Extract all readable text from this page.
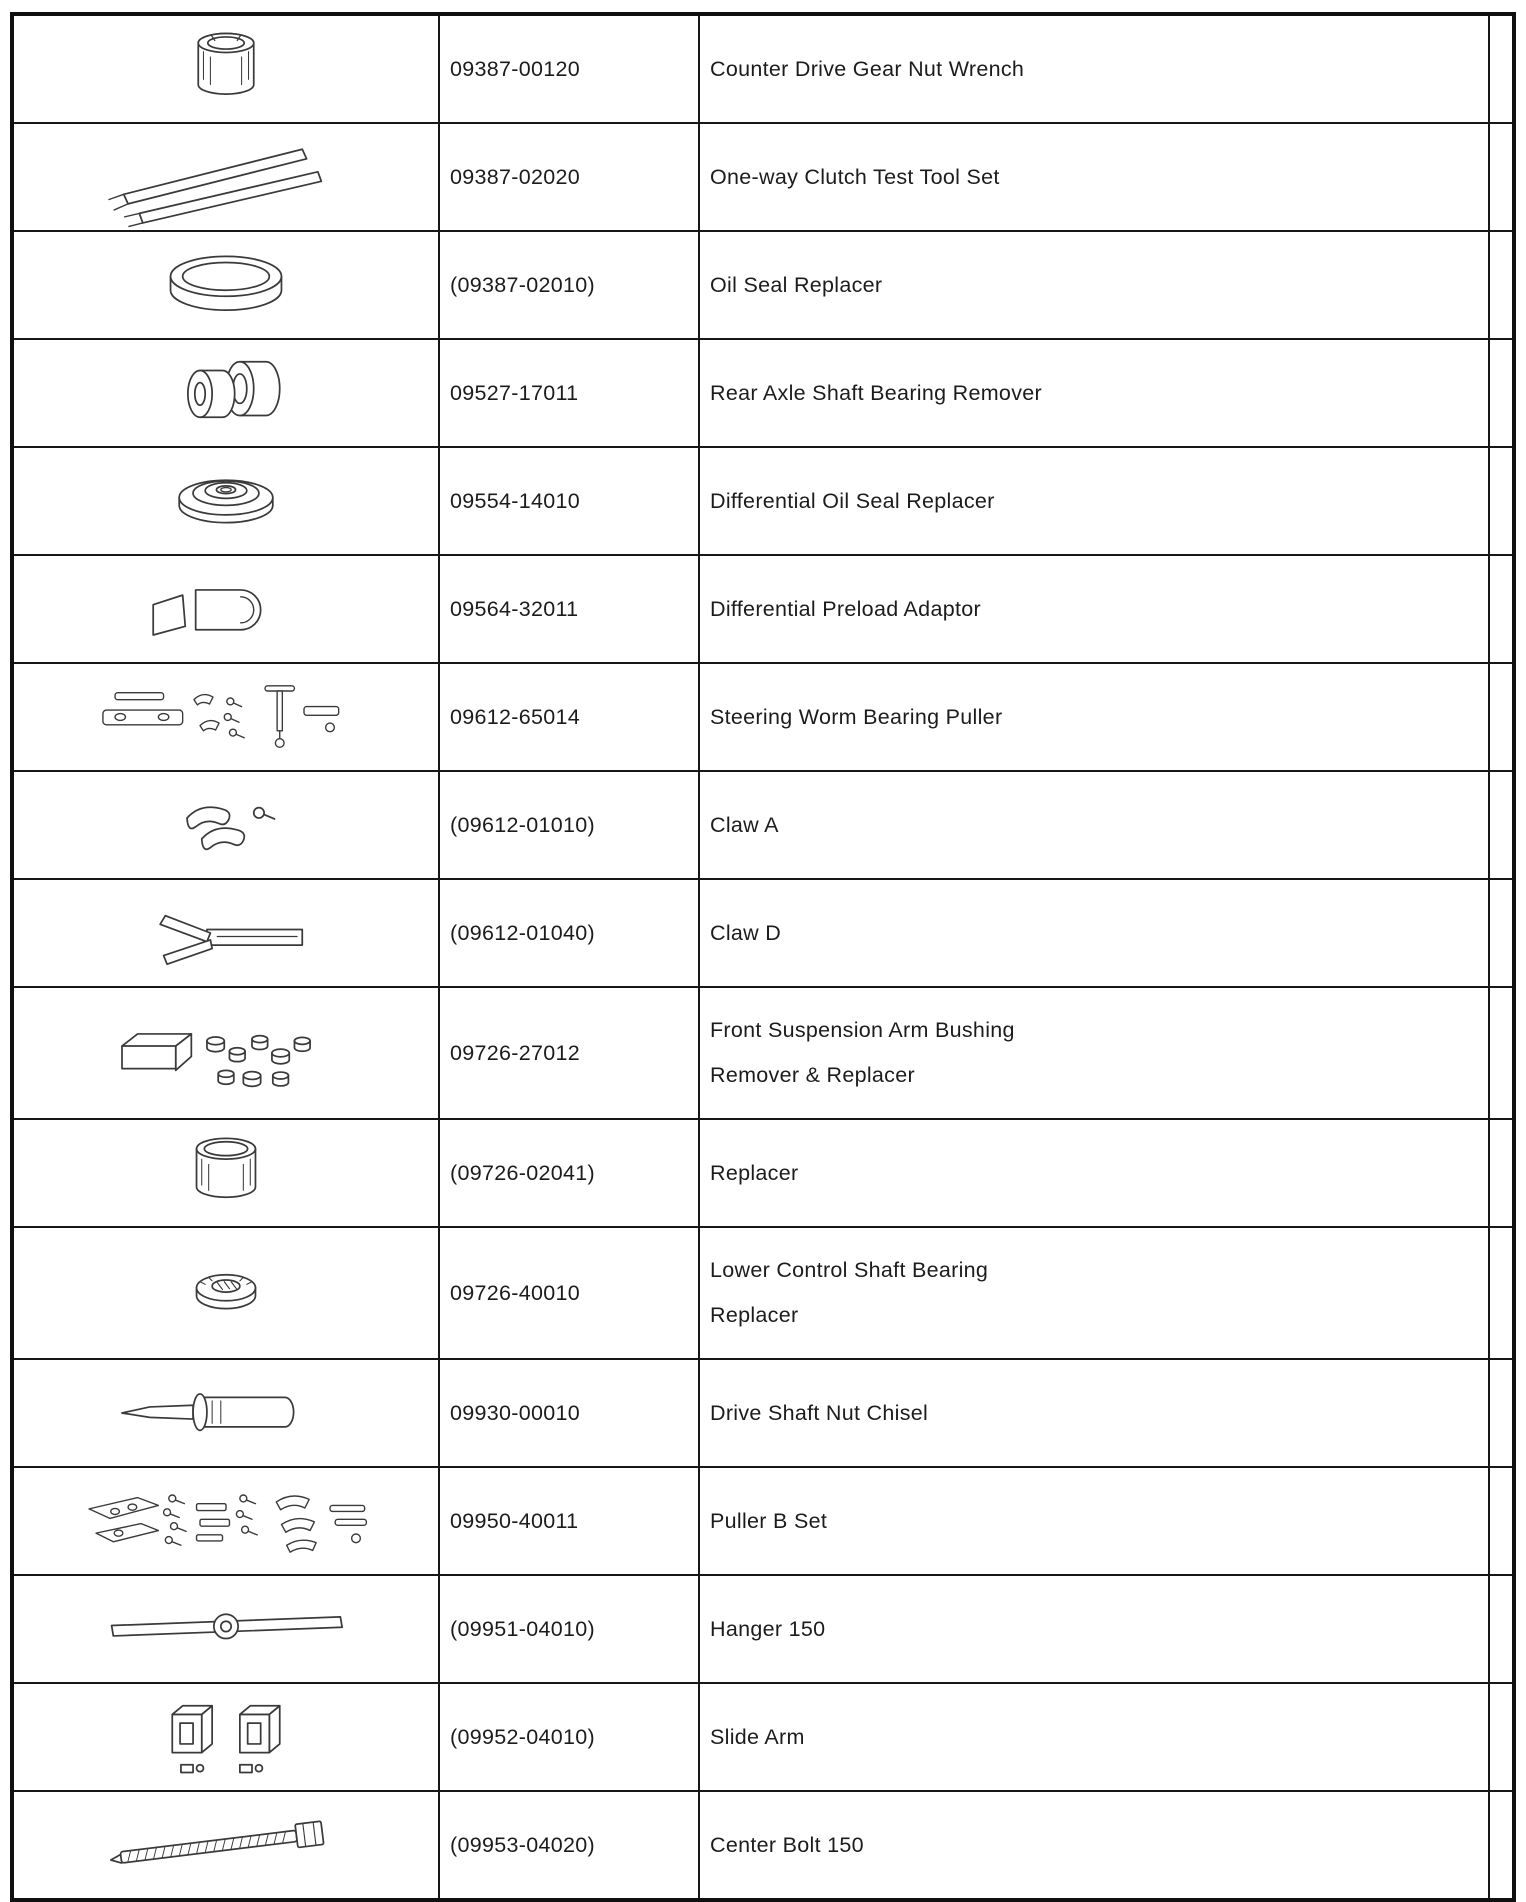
	09387-00120	Counter Drive Gear Nut Wrench	

	09387-02020	One-way Clutch Test Tool Set	

	(09387-02010)	Oil Seal Replacer	

	09527-17011	Rear Axle Shaft Bearing Remover	

	09554-14010	Differential Oil Seal Replacer	

	09564-32011	Differential Preload Adaptor	

	09612-65014	Steering Worm Bearing Puller	

	(09612-01010)	Claw A	

	(09612-01040)	Claw D	

	09726-27012	Front Suspension Arm Bushing
Remover & Replacer	

	(09726-02041)	Replacer	

	09726-40010	Lower Control Shaft Bearing
Replacer	

	09930-00010	Drive Shaft Nut Chisel	

	09950-40011	Puller B Set	

	(09951-04010)	Hanger 150	

	(09952-04010)	Slide Arm	

	(09953-04020)	Center Bolt 150	
